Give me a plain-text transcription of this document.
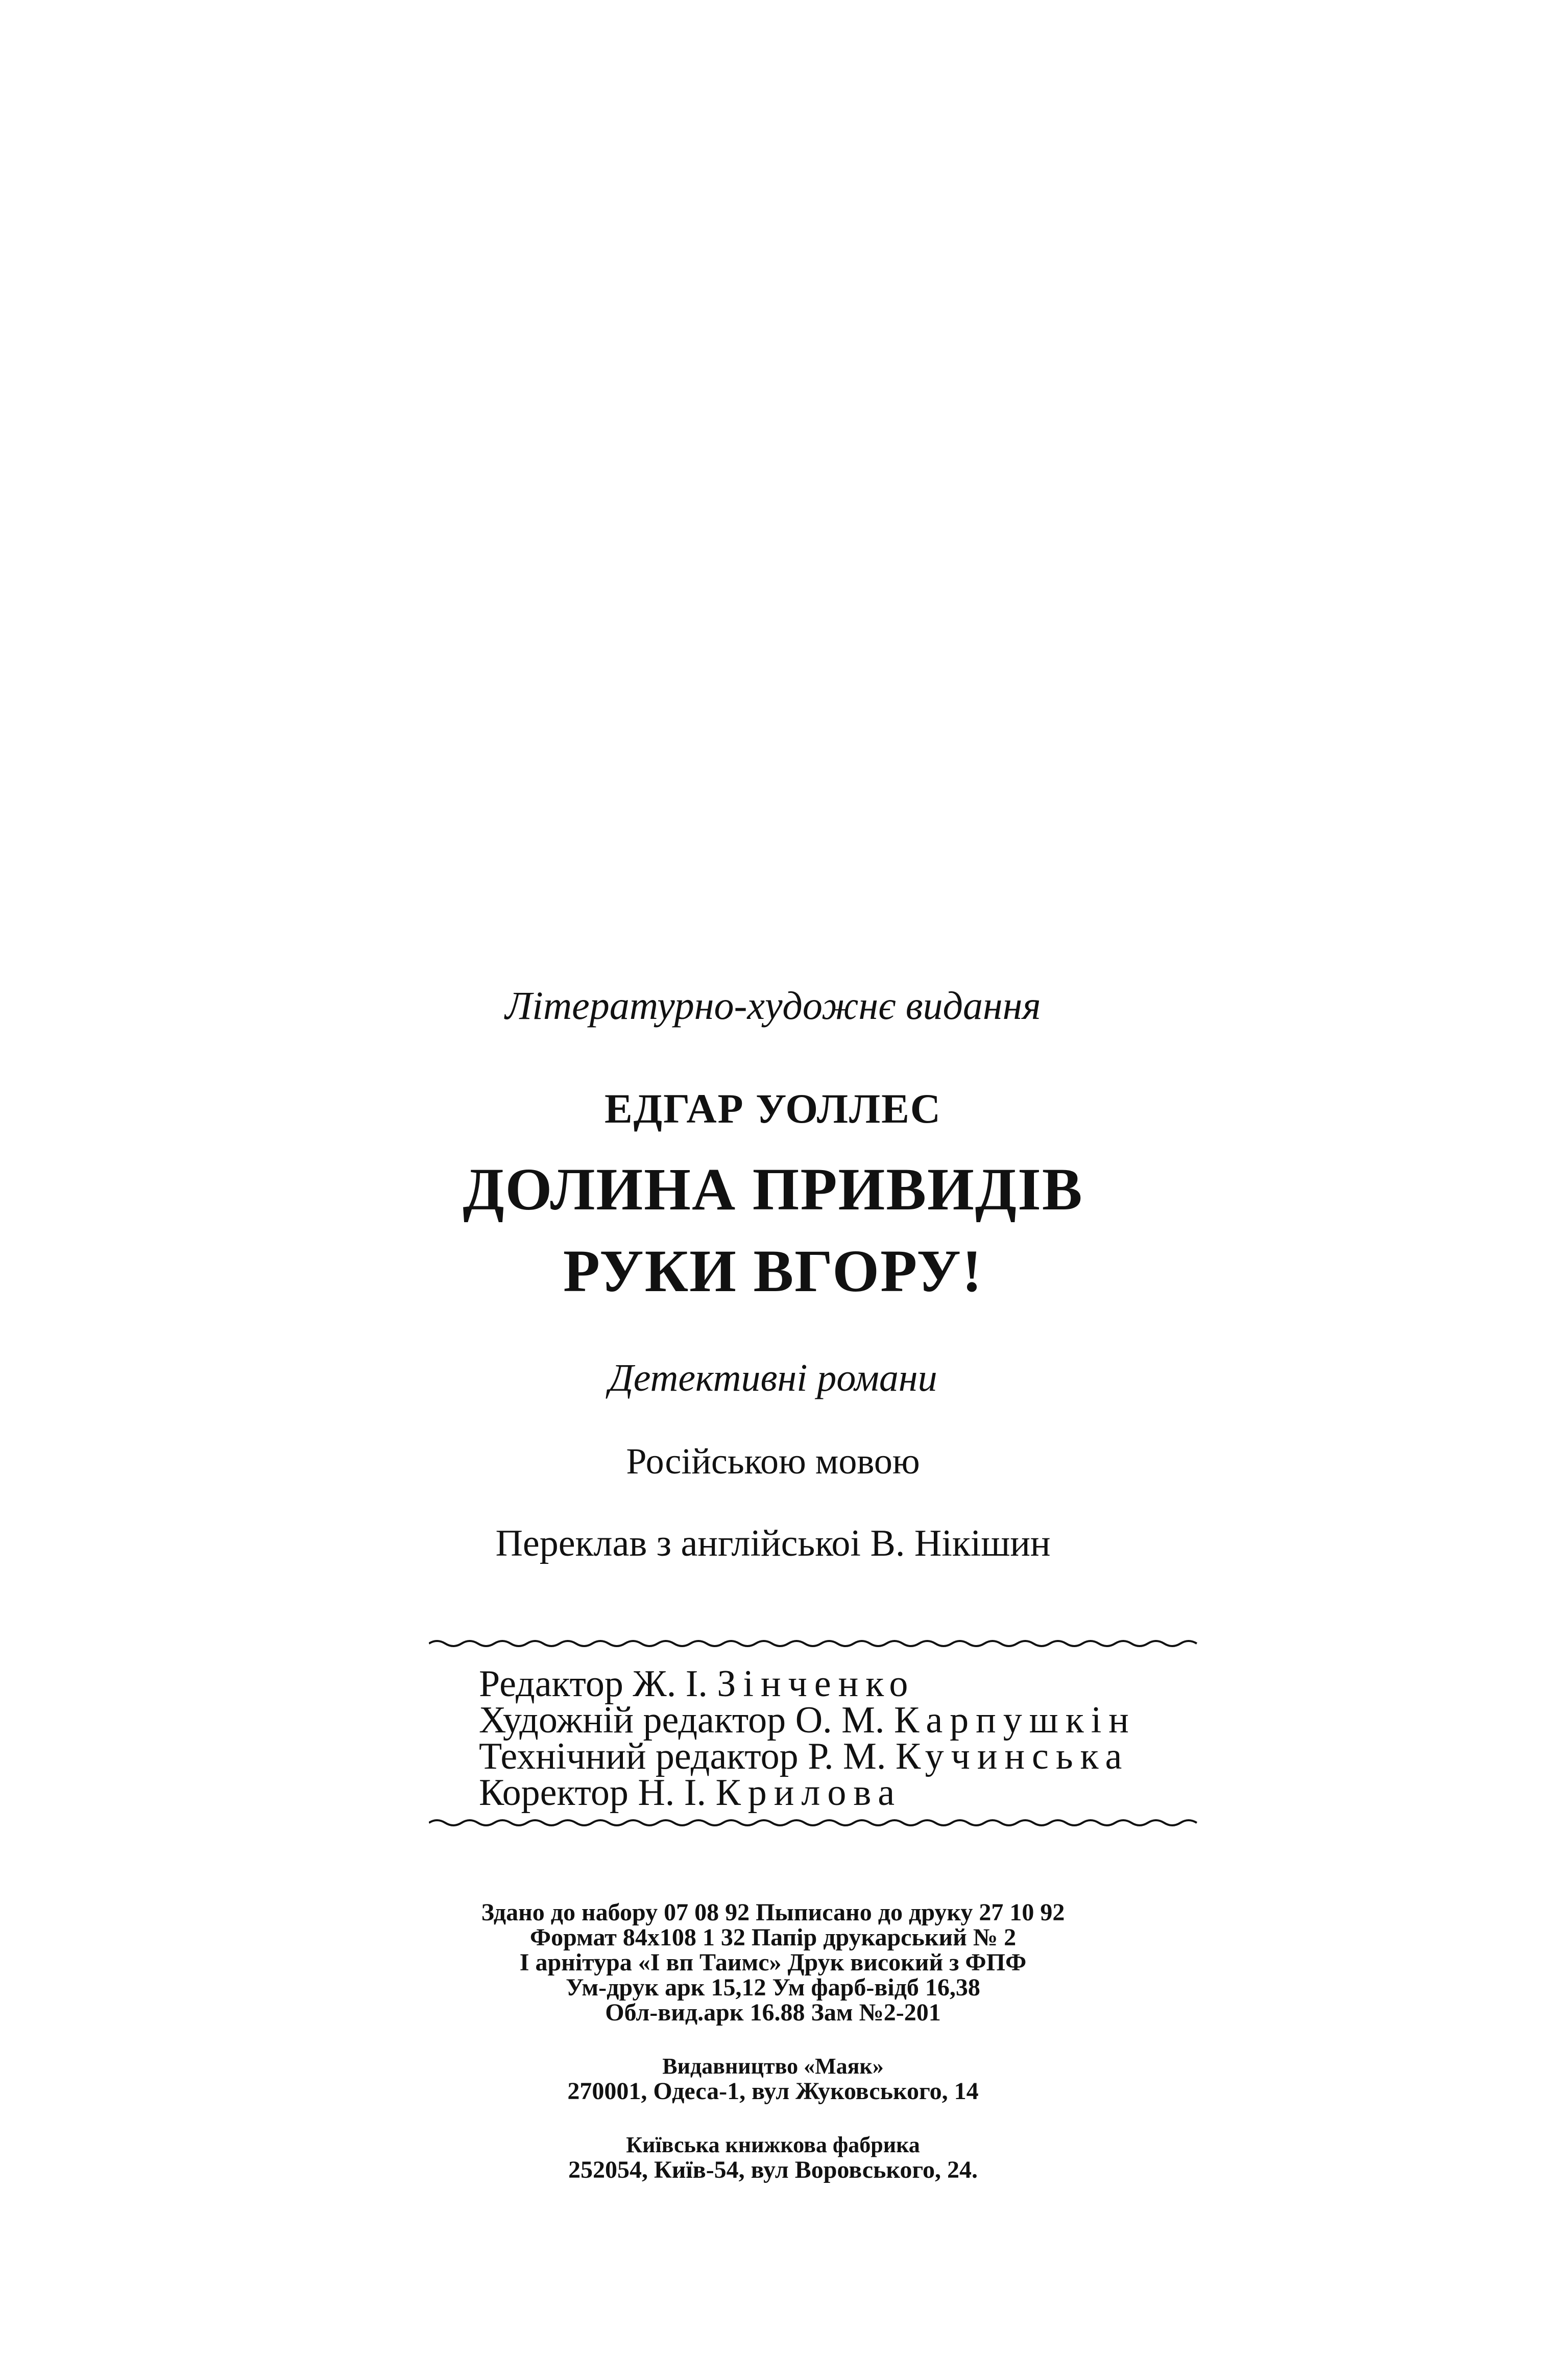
Літературно-художнє видання
ЕДГАР УОЛЛЕС
ДОЛИНА ПРИВИДІВ
РУКИ ВГОРУ!
Детективні романи
Російською мовою
Переклав з англійськоі В. Нікішин
Редактор Ж. І. Зінченко
Художній редактор О. М. Карпушкін
Технічний редактор Р. М. Кучинська
Коректор Н. І. Крилова
Здано до набору 07 08 92 Пыписано до друку 27 10 92
Формат 84х108 1 32 Папір друкарський № 2
І арнітура «І вп Таимс» Друк високий з ФПФ
Ум-друк арк 15,12 Ум фарб-відб 16,38
Обл-вид.арк 16.88 Зам №2-201
Видавництво «Маяк»
270001, Одеса-1, вул Жуковського, 14
Київська книжкова фабрика
252054, Київ-54, вул Воровського, 24.
